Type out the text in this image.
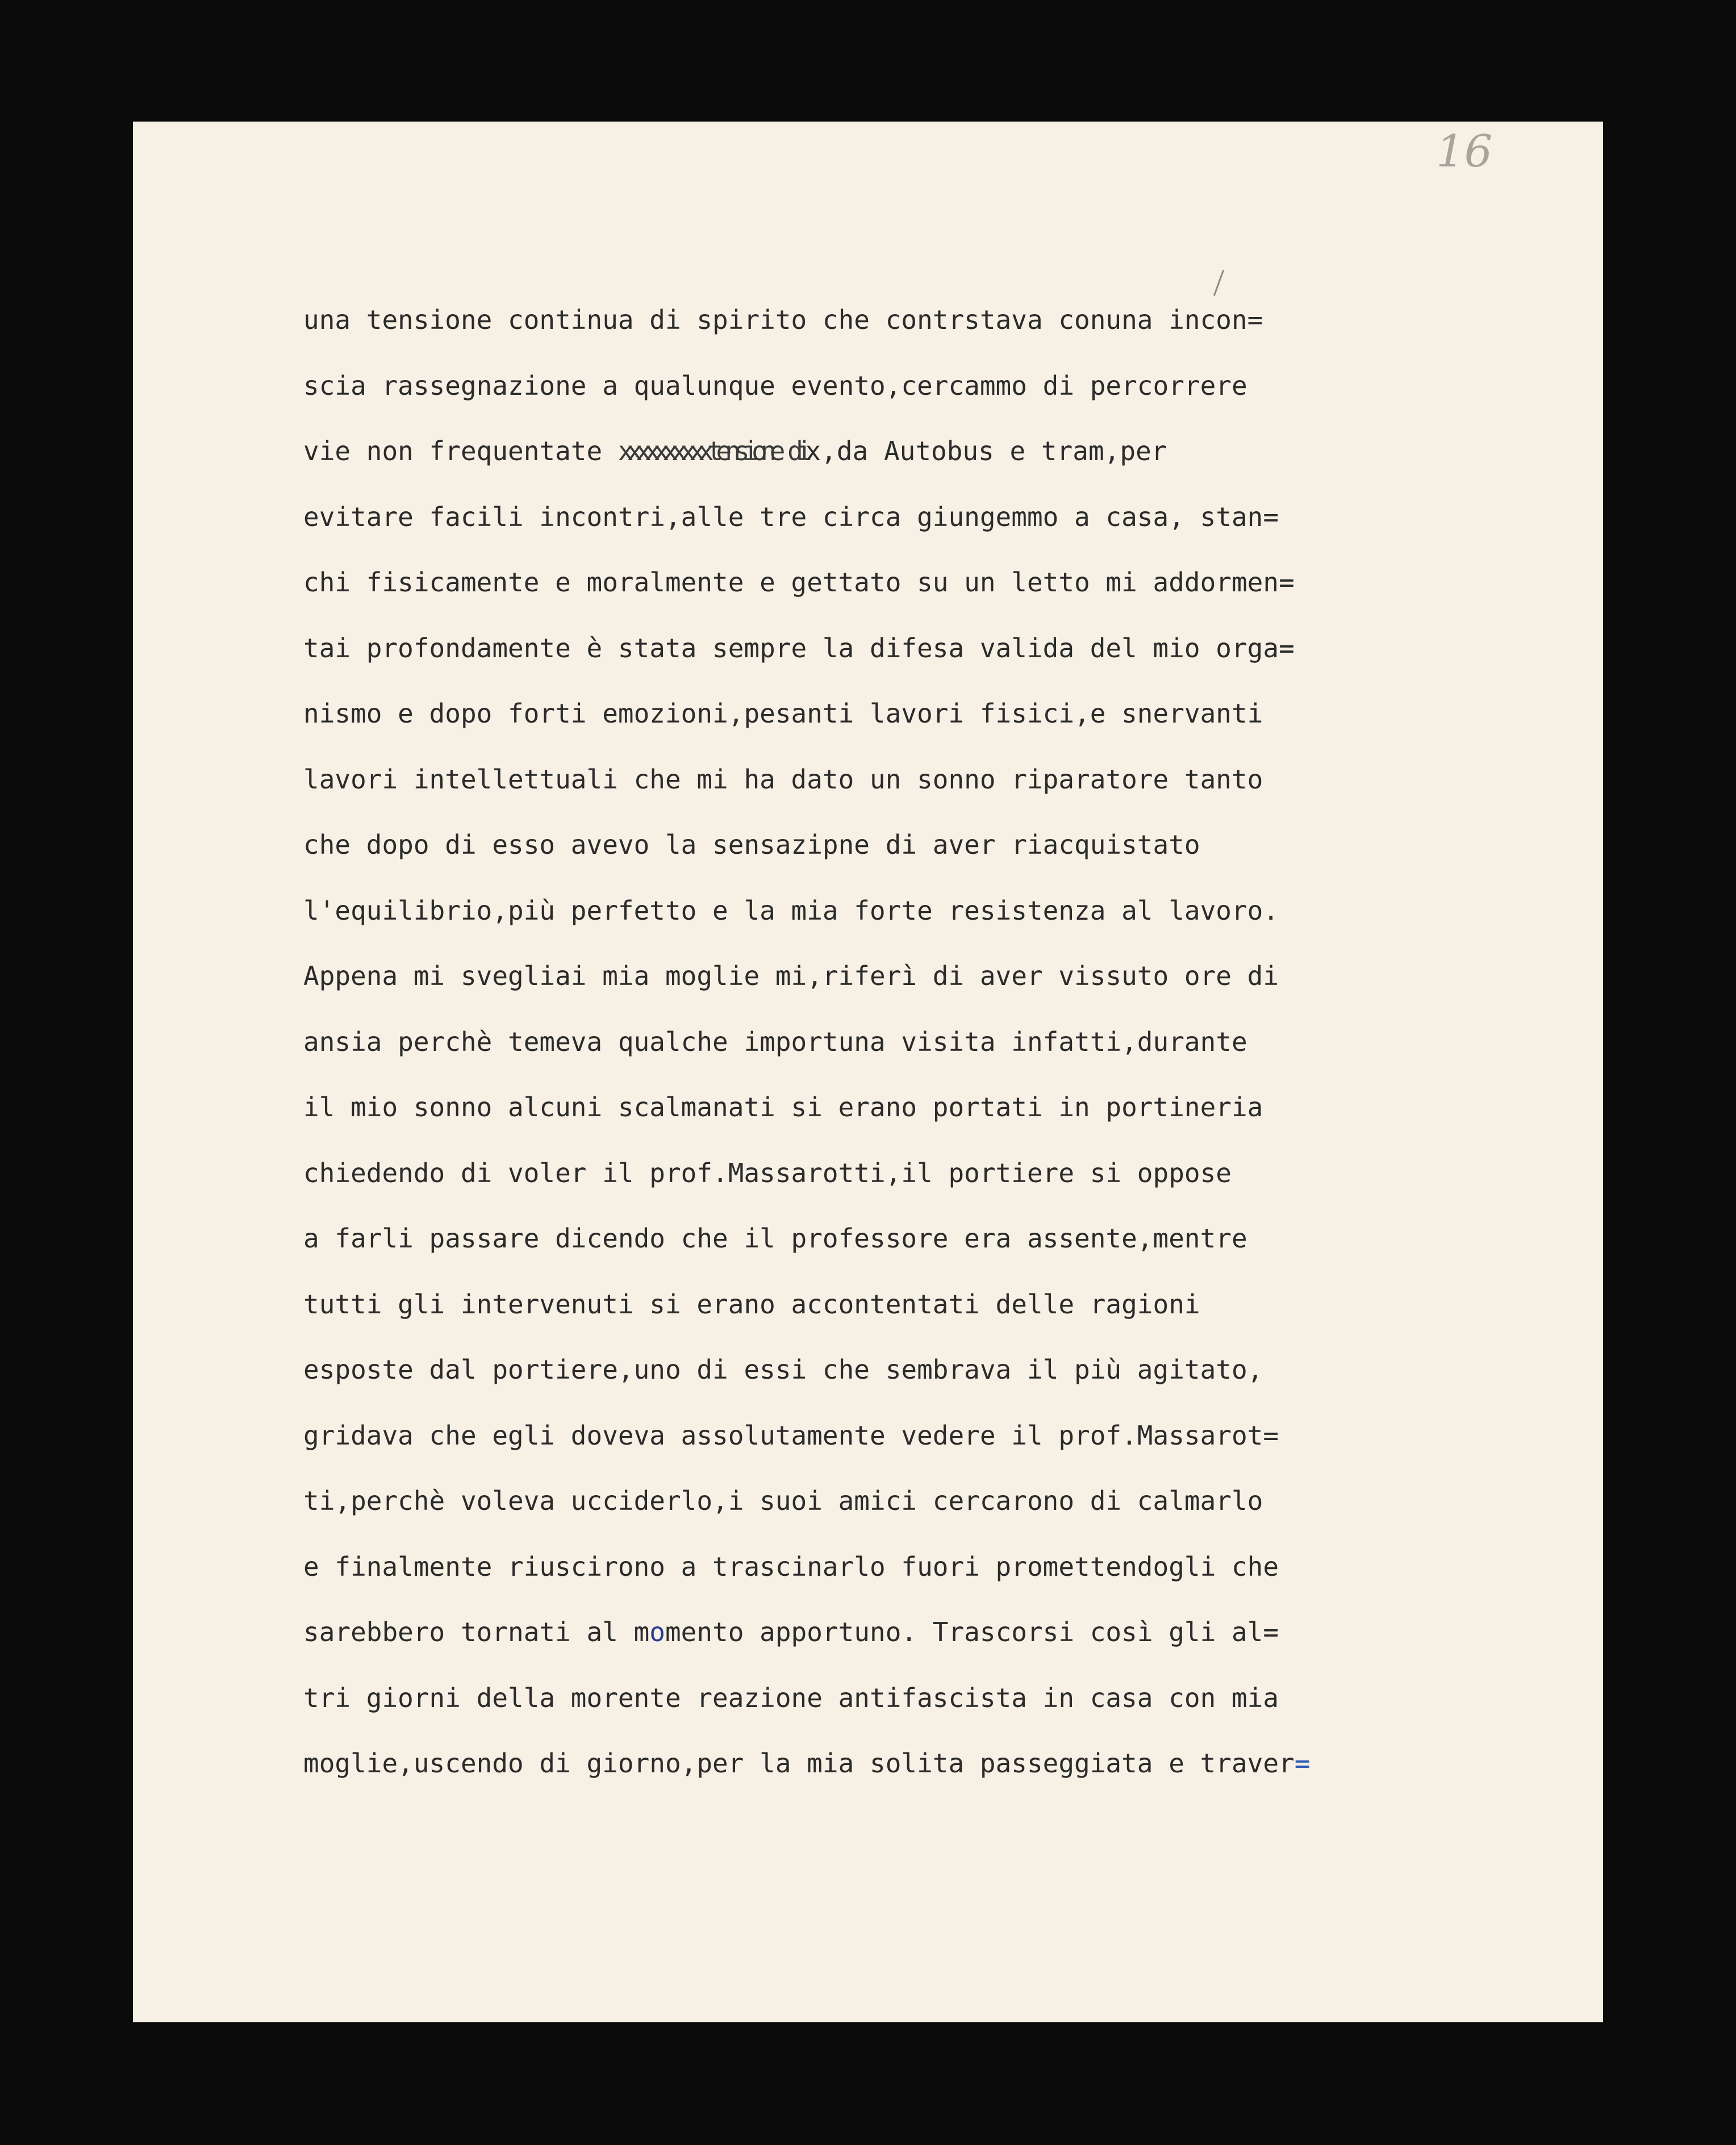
16
una tensione continua di spirito che contrstava conuna incon=
scia rassegnazione a qualunque evento,cercammo di percorrere
vie non frequentate xxxxxxxxxxtensione dix,da Autobus e tram,per
evitare facili incontri,alle tre circa giungemmo a casa, stan=
chi fisicamente e moralmente e gettato su un letto mi addormen=
tai profondamente è stata sempre la difesa valida del mio orga=
nismo e dopo forti emozioni,pesanti lavori fisici,e snervanti
lavori intellettuali che mi ha dato un sonno riparatore tanto
che dopo di esso avevo la sensazipne di aver riacquistato
l'equilibrio,più perfetto e la mia forte resistenza al lavoro.
Appena mi svegliai mia moglie mi,riferì di aver vissuto ore di
ansia perchè temeva qualche importuna visita infatti,durante
il mio sonno alcuni scalmanati si erano portati in portineria
chiedendo di voler il prof.Massarotti,il portiere si oppose
a farli passare dicendo che il professore era assente,mentre
tutti gli intervenuti si erano accontentati delle ragioni
esposte dal portiere,uno di essi che sembrava il più agitato,
gridava che egli doveva assolutamente vedere il prof.Massarot=
ti,perchè voleva ucciderlo,i suoi amici cercarono di calmarlo
e finalmente riuscirono a trascinarlo fuori promettendogli che
sarebbero tornati al momento apportuno. Trascorsi così gli al=
tri giorni della morente reazione antifascista in casa con mia
moglie,uscendo di giorno,per la mia solita passeggiata e traver=
